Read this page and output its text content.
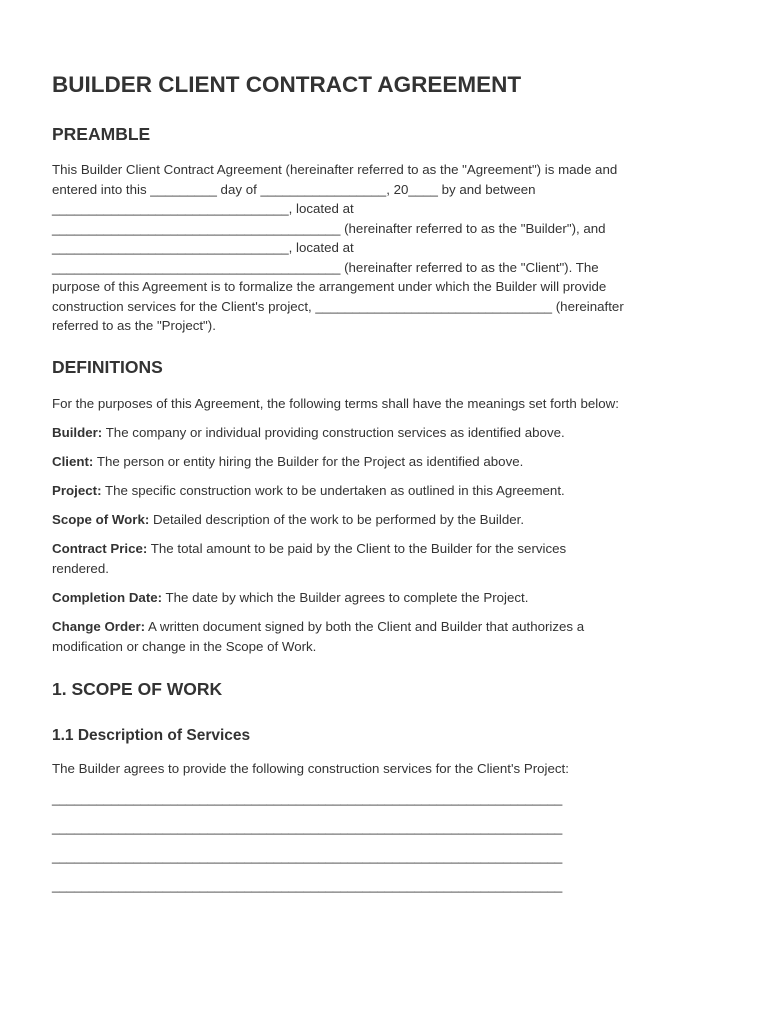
BUILDER CLIENT CONTRACT AGREEMENT
PREAMBLE
This Builder Client Contract Agreement (hereinafter referred to as the "Agreement") is made and
entered into this _________ day of _________________, 20____ by and between
________________________________, located at
_______________________________________ (hereinafter referred to as the "Builder"), and
________________________________, located at
_______________________________________ (hereinafter referred to as the "Client"). The
purpose of this Agreement is to formalize the arrangement under which the Builder will provide
construction services for the Client's project, ________________________________ (hereinafter
referred to as the "Project").
DEFINITIONS
For the purposes of this Agreement, the following terms shall have the meanings set forth below:
Builder: The company or individual providing construction services as identified above.
Client: The person or entity hiring the Builder for the Project as identified above.
Project: The specific construction work to be undertaken as outlined in this Agreement.
Scope of Work: Detailed description of the work to be performed by the Builder.
Contract Price: The total amount to be paid by the Client to the Builder for the services
rendered.
Completion Date: The date by which the Builder agrees to complete the Project.
Change Order: A written document signed by both the Client and Builder that authorizes a
modification or change in the Scope of Work.
1. SCOPE OF WORK
1.1 Description of Services
The Builder agrees to provide the following construction services for the Client's Project:
_____________________________________________________________________
_____________________________________________________________________
_____________________________________________________________________
_____________________________________________________________________
